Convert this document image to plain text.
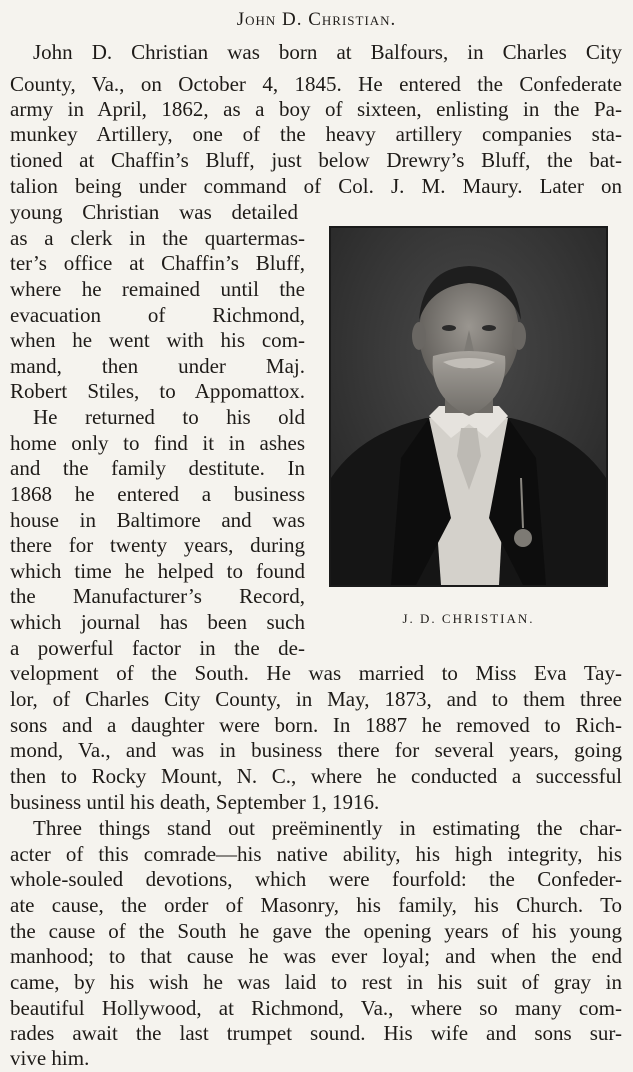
John D. Christian.
John D. Christian was born at Balfours, in Charles City
County, Va., on October 4, 1845. He entered the Confederate
army in April, 1862, as a boy of sixteen, enlisting in the Pa-
munkey Artillery, one of the heavy artillery companies sta-
tioned at Chaffin’s Bluff, just below Drewry’s Bluff, the bat-
talion being under command of Col. J. M. Maury. Later on
young Christian was detailed
as a clerk in the quartermas-
ter’s office at Chaffin’s Bluff,
where he remained until the
evacuation of Richmond,
when he went with his com-
mand, then under Maj.
Robert Stiles, to Appomattox.
He returned to his old
home only to find it in ashes
and the family destitute. In
1868 he entered a business
house in Baltimore and was
there for twenty years, during
which time he helped to found
the Manufacturer’s Record,
which journal has been such
a powerful factor in the de-
velopment of the South. He was married to Miss Eva Tay-
lor, of Charles City County, in May, 1873, and to them three
sons and a daughter were born. In 1887 he removed to Rich-
mond, Va., and was in business there for several years, going
then to Rocky Mount, N. C., where he conducted a successful
business until his death, September 1, 1916.
Three things stand out preëminently in estimating the char-
acter of this comrade—his native ability, his high integrity, his
whole-souled devotions, which were fourfold: the Confeder-
ate cause, the order of Masonry, his family, his Church. To
the cause of the South he gave the opening years of his young
manhood; to that cause he was ever loyal; and when the end
came, by his wish he was laid to rest in his suit of gray in
beautiful Hollywood, at Richmond, Va., where so many com-
rades await the last trumpet sound. His wife and sons sur-
vive him.
J. D. CHRISTIAN.
